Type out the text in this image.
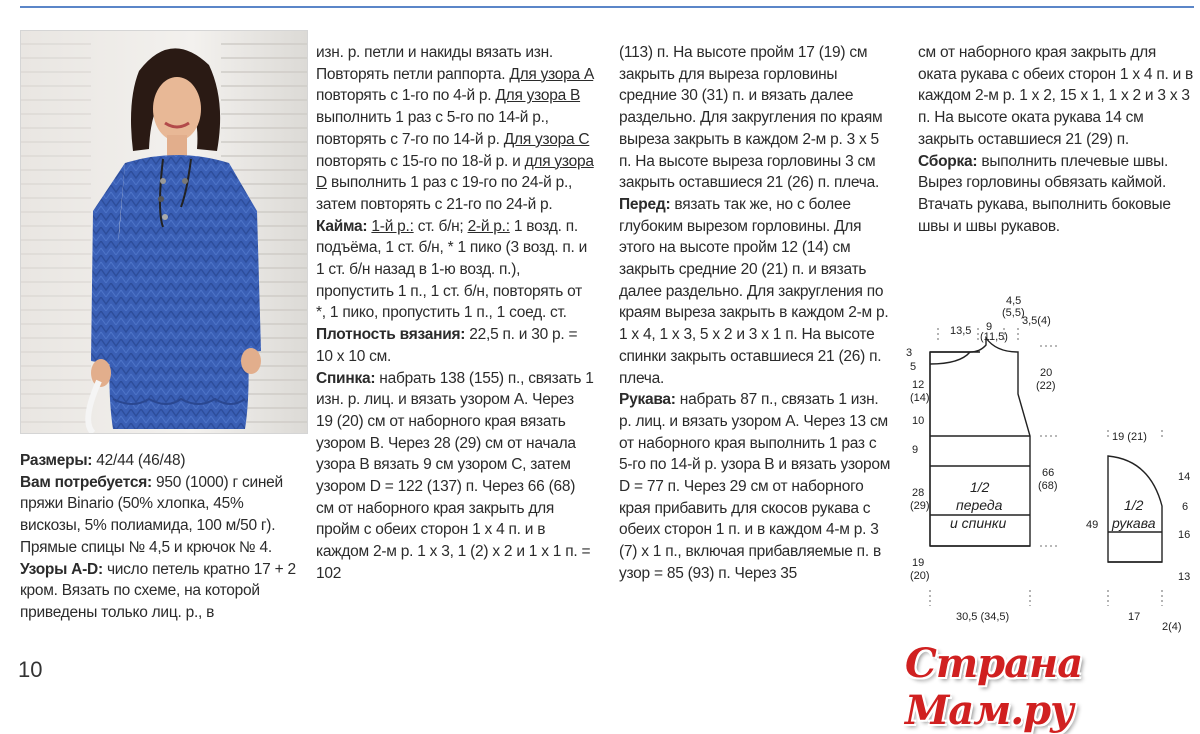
Размеры: 42/44 (46/48)

Вам потребуется: 950 (1000) г синей пряжи Binario (50% хлопка, 45% вискозы, 5% полиамида, 100 м/50 г). Прямые спицы № 4,5 и крючок № 4.

Узоры A-D: число петель кратно 17 + 2 кром. Вязать по схеме, на которой приведены только лиц. р., в

изн. р. петли и накиды вязать изн. Повторять петли раппорта. Для узора A повторять с 1-го по 4-й р. Для узора B выполнить 1 раз с 5-го по 14-й р., повторять с 7-го по 14-й р. Для узора C повторять с 15-го по 18-й р. и для узора D выполнить 1 раз с 19-го по 24-й р., затем повторять с 21-го по 24-й р.

Кайма: 1-й р.: ст. б/н; 2-й р.: 1 возд. п. подъёма, 1 ст. б/н, * 1 пико (3 возд. п. и 1 ст. б/н назад в 1-ю возд. п.), пропустить 1 п., 1 ст. б/н, повторять от *, 1 пико, пропустить 1 п., 1 соед. ст.

Плотность вязания: 22,5 п. и 30 р. = 10 х 10 см.

Спинка: набрать 138 (155) п., связать 1 изн. р. лиц. и вязать узором A. Через 19 (20) см от наборного края вязать узором B. Через 28 (29) см от начала узора B вязать 9 см узором C, затем узором D = 122 (137) п. Через 66 (68) см от наборного края закрыть для пройм с обеих сторон 1 х 4 п. и в каждом 2-м р. 1 х 3, 1 (2) х 2 и 1 х 1 п. = 102

(113) п. На высоте пройм 17 (19) см закрыть для выреза горловины средние 30 (31) п. и вязать далее раздельно. Для закругления по краям выреза закрыть в каждом 2-м р. 3 х 5 п. На высоте выреза горловины 3 см закрыть оставшиеся 21 (26) п. плеча.

Перед: вязать так же, но с более глубоким вырезом горловины. Для этого на высоте пройм 12 (14) см закрыть средние 20 (21) п. и вязать далее раздельно. Для закругления по краям выреза закрыть в каждом 2-м р. 1 х 4, 1 х 3, 5 х 2 и 3 х 1 п. На высоте спинки закрыть оставшиеся 21 (26) п. плеча.

Рукава: набрать 87 п., связать 1 изн. р. лиц. и вязать узором A. Через 13 см от наборного края выполнить 1 раз с 5-го по 14-й р. узора B и вязать узором D = 77 п. Через 29 см от наборного края прибавить для скосов рукава с обеих сторон 1 п. и в каждом 4-м р. 3 (7) х 1 п., включая прибавляемые п. в узор = 85 (93) п. Через 35

см от наборного края закрыть для оката рукава с обеих сторон 1 х 4 п. и в каждом 2-м р. 1 х 2, 15 х 1, 1 х 2 и 3 х 3 п. На высоте оката рукава 14 см закрыть оставшиеся 21 (29) п.

Сборка: выполнить плечевые швы. Вырез горловины обвязать каймой. Втачать рукава, выполнить боковые швы и швы рукавов.

13,5 9
(11,5)
4,5
(5,5)
3,5(4)
3
5
12
(14)
10
9
28
(29)
19
(20)
20
(22)
66
(68)
30,5 (34,5)
1/2
переда
и спинки
19 (21)
49
14
6
16
13
17
2(4)
1/2
рукава
10	Страна Мам.ру
